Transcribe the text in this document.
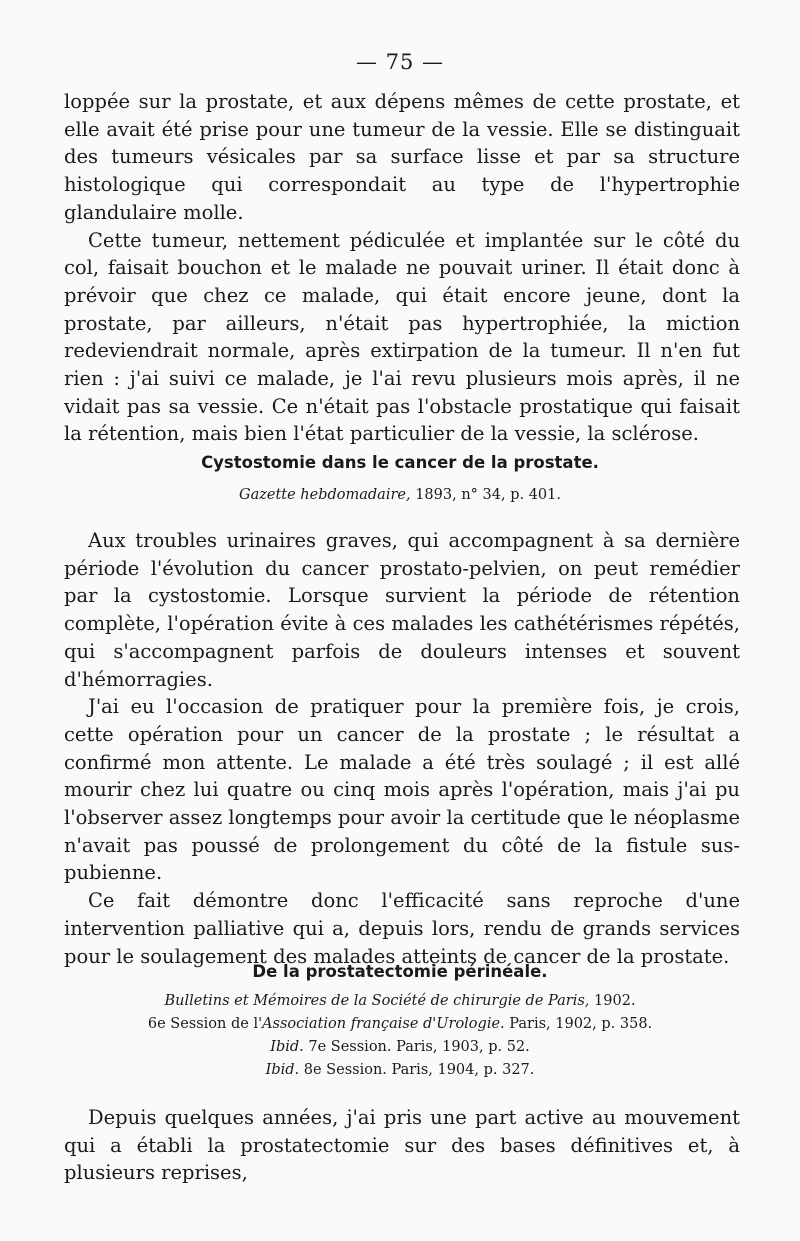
— 75 —

loppée sur la prostate, et aux dépens mêmes de cette prostate, et elle avait été prise pour une tumeur de la vessie. Elle se distinguait des tumeurs vésicales par sa surface lisse et par sa structure histologique qui correspondait au type de l'hypertrophie glandulaire molle.

Cette tumeur, nettement pédiculée et implantée sur le côté du col, faisait bouchon et le malade ne pouvait uriner. Il était donc à prévoir que chez ce malade, qui était encore jeune, dont la prostate, par ailleurs, n'était pas hypertrophiée, la miction redeviendrait normale, après extirpation de la tumeur. Il n'en fut rien : j'ai suivi ce malade, je l'ai revu plusieurs mois après, il ne vidait pas sa vessie. Ce n'était pas l'obstacle prostatique qui faisait la rétention, mais bien l'état particulier de la vessie, la sclérose.

Cystostomie dans le cancer de la prostate.
Gazette hebdomadaire, 1893, n° 34, p. 401.

Aux troubles urinaires graves, qui accompagnent à sa dernière période l'évolution du cancer prostato-pelvien, on peut remédier par la cystostomie. Lorsque survient la période de rétention complète, l'opération évite à ces malades les cathétérismes répétés, qui s'accompagnent parfois de douleurs intenses et souvent d'hémorragies.

J'ai eu l'occasion de pratiquer pour la première fois, je crois, cette opération pour un cancer de la prostate ; le résultat a confirmé mon attente. Le malade a été très soulagé ; il est allé mourir chez lui quatre ou cinq mois après l'opération, mais j'ai pu l'observer assez longtemps pour avoir la certitude que le néoplasme n'avait pas poussé de prolongement du côté de la fistule sus-pubienne.

Ce fait démontre donc l'efficacité sans reproche d'une intervention palliative qui a, depuis lors, rendu de grands services pour le soulagement des malades atteints de cancer de la prostate.

De la prostatectomie périnéale.
Bulletins et Mémoires de la Société de chirurgie de Paris, 1902.
6e Session de l'Association française d'Urologie. Paris, 1902, p. 358.
Ibid. 7e Session. Paris, 1903, p. 52.
Ibid. 8e Session. Paris, 1904, p. 327.

Depuis quelques années, j'ai pris une part active au mouvement qui a établi la prostatectomie sur des bases définitives et, à plusieurs reprises,
